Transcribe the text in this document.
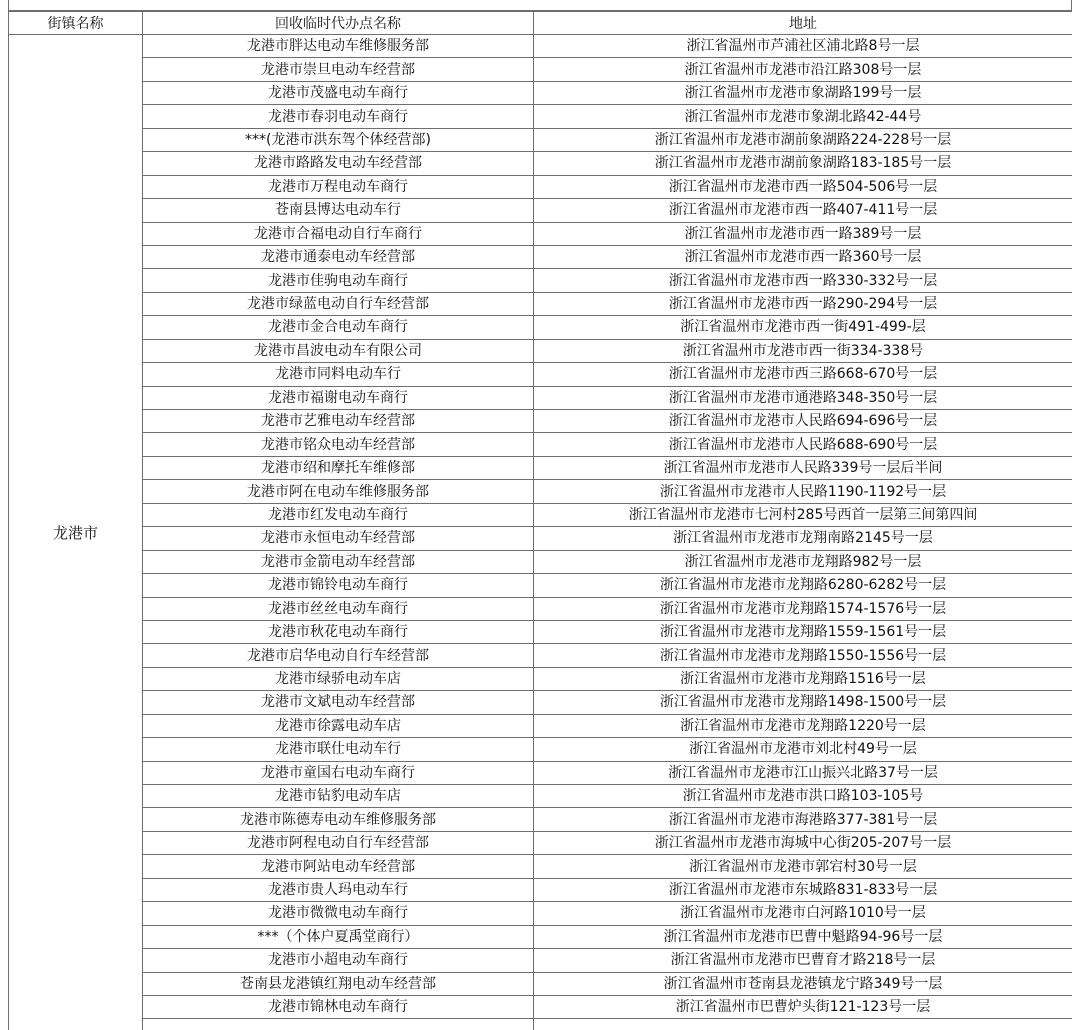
街镇名称	回收临时代办点名称	地址
龙港市	龙港市胖达电动车维修服务部	浙江省温州市芦浦社区浦北路8号一层
	龙港市崇旦电动车经营部	浙江省温州市龙港市沿江路308号一层
	龙港市茂盛电动车商行	浙江省温州市龙港市象湖路199号一层
	龙港市春羽电动车商行	浙江省温州市龙港市象湖北路42-44号
	***(龙港市洪东驾个体经营部)	浙江省温州市龙港市湖前象湖路224-228号一层
	龙港市路路发电动车经营部	浙江省温州市龙港市湖前象湖路183-185号一层
	龙港市万程电动车商行	浙江省温州市龙港市西一路504-506号一层
	苍南县博达电动车行	浙江省温州市龙港市西一路407-411号一层
	龙港市合福电动自行车商行	浙江省温州市龙港市西一路389号一层
	龙港市通泰电动车经营部	浙江省温州市龙港市西一路360号一层
	龙港市佳驹电动车商行	浙江省温州市龙港市西一路330-332号一层
	龙港市绿蓝电动自行车经营部	浙江省温州市龙港市西一路290-294号一层
	龙港市金合电动车商行	浙江省温州市龙港市西一街491-499-层
	龙港市昌波电动车有限公司	浙江省温州市龙港市西一街334-338号
	龙港市同料电动车行	浙江省温州市龙港市西三路668-670号一层
	龙港市福谢电动车商行	浙江省温州市龙港市通港路348-350号一层
	龙港市艺雅电动车经营部	浙江省温州市龙港市人民路694-696号一层
	龙港市铭众电动车经营部	浙江省温州市龙港市人民路688-690号一层
	龙港市绍和摩托车维修部	浙江省温州市龙港市人民路339号一层后半间
	龙港市阿在电动车维修服务部	浙江省温州市龙港市人民路1190-1192号一层
	龙港市红发电动车商行	浙江省温州市龙港市七河村285号西首一层第三间第四间
	龙港市永恒电动车经营部	浙江省温州市龙港市龙翔南路2145号一层
	龙港市金箭电动车经营部	浙江省温州市龙港市龙翔路982号一层
	龙港市锦铃电动车商行	浙江省温州市龙港市龙翔路6280-6282号一层
	龙港市丝丝电动车商行	浙江省温州市龙港市龙翔路1574-1576号一层
	龙港市秋花电动车商行	浙江省温州市龙港市龙翔路1559-1561号一层
	龙港市启华电动自行车经营部	浙江省温州市龙港市龙翔路1550-1556号一层
	龙港市绿骄电动车店	浙江省温州市龙港市龙翔路1516号一层
	龙港市文斌电动车经营部	浙江省温州市龙港市龙翔路1498-1500号一层
	龙港市徐露电动车店	浙江省温州市龙港市龙翔路1220号一层
	龙港市联仕电动车行	浙江省温州市龙港市刘北村49号一层
	龙港市童国右电动车商行	浙江省温州市龙港市江山振兴北路37号一层
	龙港市钻豹电动车店	浙江省温州市龙港市洪口路103-105号
	龙港市陈德寿电动车维修服务部	浙江省温州市龙港市海港路377-381号一层
	龙港市阿程电动自行车经营部	浙江省温州市龙港市海城中心街205-207号一层
	龙港市阿站电动车经营部	浙江省温州市龙港市郭宕村30号一层
	龙港市贵人玛电动车行	浙江省温州市龙港市东城路831-833号一层
	龙港市微微电动车商行	浙江省温州市龙港市白河路1010号一层
	***（个体户夏禹堂商行）	浙江省温州市龙港市巴曹中魁路94-96号一层
	龙港市小超电动车商行	浙江省温州市龙港市巴曹育才路218号一层
	苍南县龙港镇红翔电动车经营部	浙江省温州市苍南县龙港镇龙宁路349号一层
	龙港市锦林电动车商行	浙江省温州市巴曹炉头街121-123号一层
